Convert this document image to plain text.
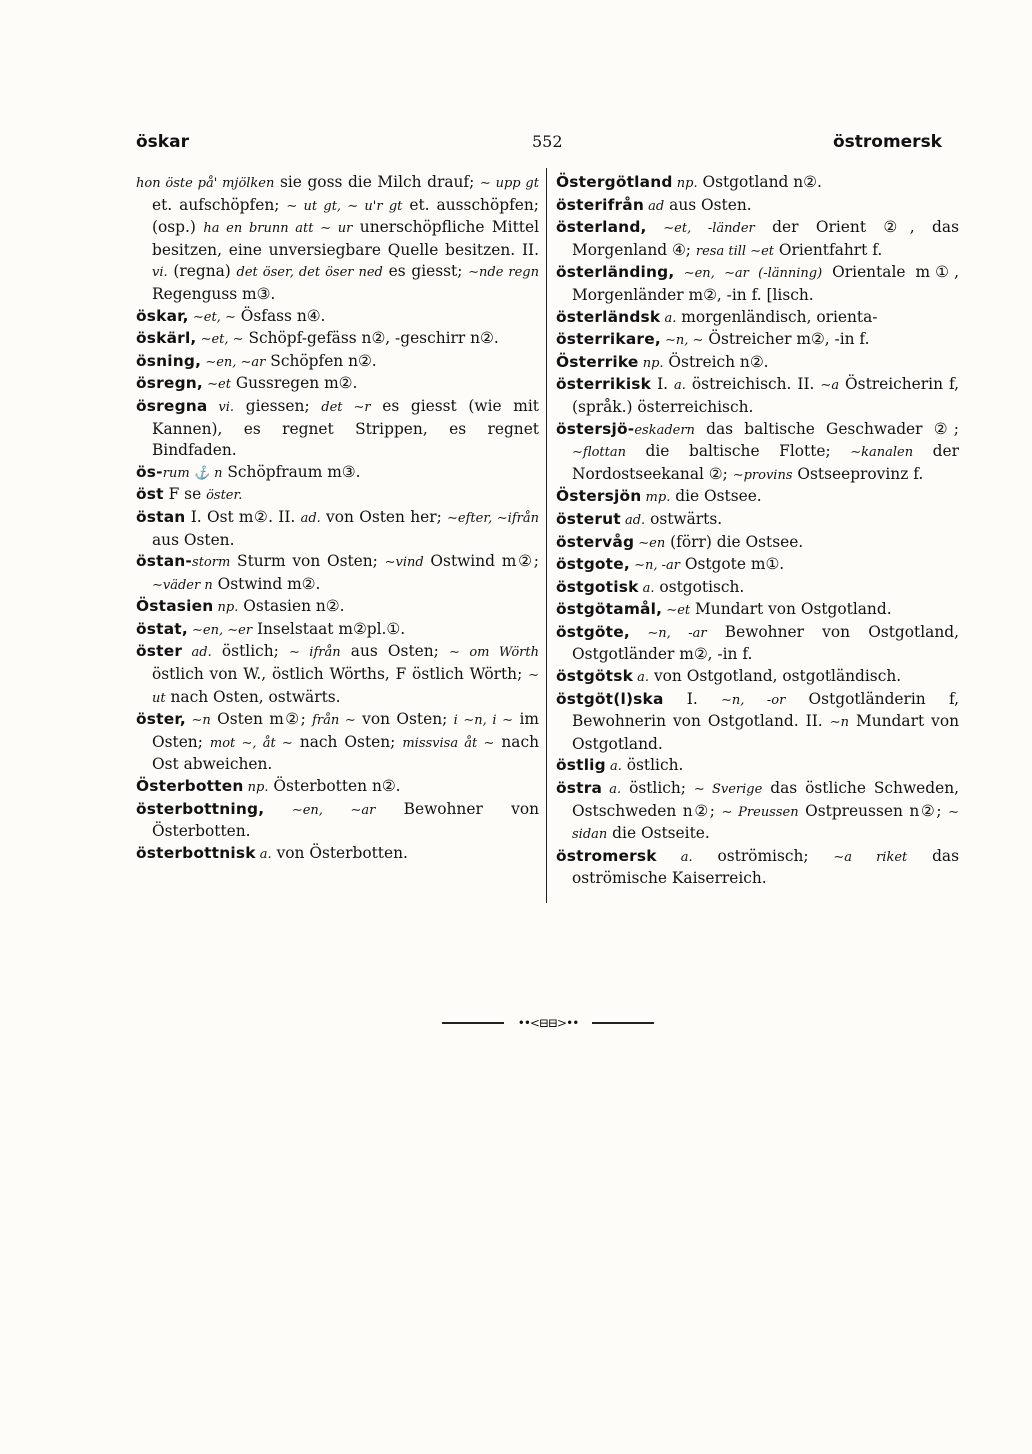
öskar	552	östromersk

hon öste på' mjölken sie goss die Milch drauf; ∼ upp gt et. aufschöpfen; ∼ ut gt, ∼ u'r gt et. ausschöpfen; (osp.) ha en brunn att ∼ ur unerschöpfliche Mittel besitzen, eine unversiegbare Quelle besitzen. II. vi. (regna) det öser, det öser ned es giesst; ∼nde regn Regenguss m③.

öskar, ∼et, ∼ Ösfass n④.

öskärl, ∼et, ∼ Schöpf-gefäss n②, -geschirr n②.

ösning, ∼en, ∼ar Schöpfen n②.

ösregn, ∼et Gussregen m②.

ösregna vi. giessen; det ∼r es giesst (wie mit Kannen), es regnet Strippen, es regnet Bindfaden.

ös-rum ⚓ n Schöpfraum m③.

öst F se öster.

östan I. Ost m②. II. ad. von Osten her; ∼efter, ∼ifrån aus Osten.

östan-storm Sturm von Osten; ∼vind Ostwind m②; ∼väder n Ostwind m②.

Östasien np. Ostasien n②.

östat, ∼en, ∼er Inselstaat m②pl.①.

öster ad. östlich; ∼ ifrån aus Osten; ∼ om Wörth östlich von W., östlich Wörths, F östlich Wörth; ∼ ut nach Osten, ostwärts.

öster, ∼n Osten m②; från ∼ von Osten; i ∼n, i ∼ im Osten; mot ∼, åt ∼ nach Osten; missvisa åt ∼ nach Ost abweichen.

Österbotten np. Österbotten n②.

österbottning, ∼en, ∼ar Bewohner von Österbotten.

österbottnisk a. von Österbotten.

Östergötland np. Ostgotland n②.

österifrån ad aus Osten.

österland, ∼et, -länder der Orient ②, das Morgenland ④; resa till ∼et Orientfahrt f.

österländing, ∼en, ∼ar (-länning) Orientale m①, Morgenländer m②, -in f. [lisch.

österländsk a. morgenländisch, orienta-

österrikare, ∼n, ∼ Östreicher m②, -in f.

Österrike np. Östreich n②.

österrikisk I. a. östreichisch. II. ∼a Östreicherin f, (språk.) österreichisch.

östersjö-eskadern das baltische Geschwader ②; ∼flottan die baltische Flotte; ∼kanalen der Nordostseekanal ②; ∼provins Ostseeprovinz f.

Östersjön mp. die Ostsee.

österut ad. ostwärts.

östervåg ∼en (förr) die Ostsee.

östgote, ∼n, -ar Ostgote m①.

östgotisk a. ostgotisch.

östgötamål, ∼et Mundart von Ostgotland.

östgöte, ∼n, -ar Bewohner von Ostgotland, Ostgotländer m②, -in f.

östgötsk a. von Ostgotland, ostgotländisch.

östgöt(l)ska I. ∼n, -or Ostgotländerin f, Bewohnerin von Ostgotland. II. ∼n Mundart von Ostgotland.

östlig a. östlich.

östra a. östlich; ∼ Sverige das östliche Schweden, Ostschweden n②; ∼ Preussen Ostpreussen n②; ∼ sidan die Ostseite.

östromersk a. oströmisch; ∼a riket das oströmische Kaiserreich.

••<⊟⊟>••
